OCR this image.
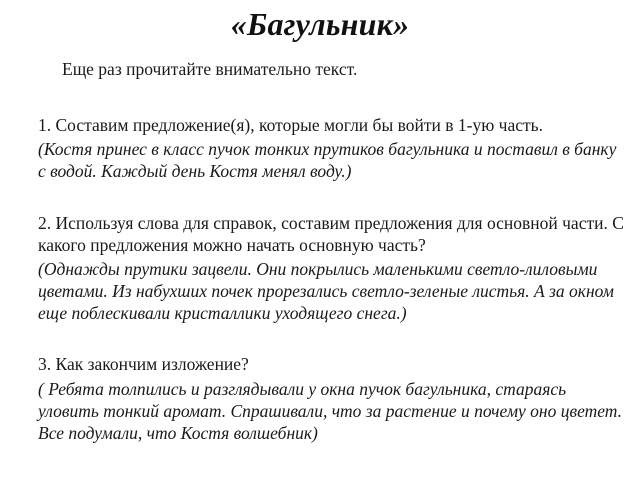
«Багульник»

Еще раз прочитайте внимательно текст.

1. Составим предложение(я), которые могли бы войти в 1-ую часть.

(Костя принес в класс пучок тонких прутиков багульника и поставил в банку с водой. Каждый день Костя менял воду.)

2. Используя слова для справок, составим предложения для основной части. С какого предложения можно начать основную часть?

(Однажды прутики зацвели. Они покрылись маленькими светло-лиловыми цветами. Из набухших почек прорезались светло-зеленые листья. А за окном еще поблескивали кристаллики уходящего снега.)

3. Как закончим изложение?

( Ребята толпились и разглядывали у окна пучок багульника, стараясь уловить тонкий аромат. Спрашивали, что за растение и почему оно цветет. Все подумали, что Костя волшебник)
